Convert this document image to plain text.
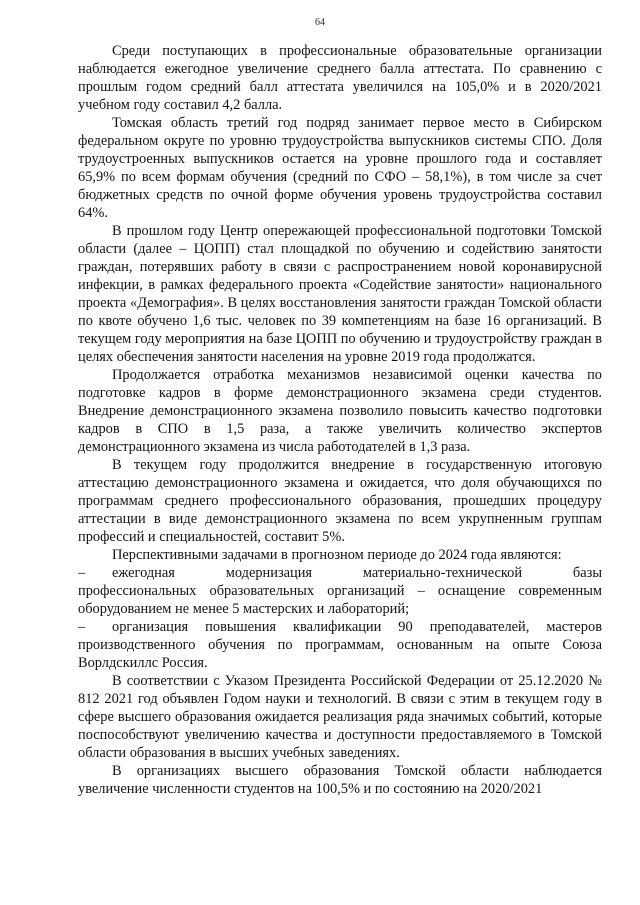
64

Среди поступающих в профессиональные образовательные организации наблюдается ежегодное увеличение среднего балла аттестата. По сравнению с прошлым годом средний балл аттестата увеличился на 105,0% и в 2020/2021 учебном году составил 4,2 балла.

Томская область третий год подряд занимает первое место в Сибирском федеральном округе по уровню трудоустройства выпускников системы СПО. Доля трудоустроенных выпускников остается на уровне прошлого года и составляет 65,9% по всем формам обучения (средний по СФО – 58,1%), в том числе за счет бюджетных средств по очной форме обучения уровень трудоустройства составил 64%.

В прошлом году Центр опережающей профессиональной подготовки Томской области (далее – ЦОПП) стал площадкой по обучению и содействию занятости граждан, потерявших работу в связи с распространением новой коронавирусной инфекции, в рамках федерального проекта «Содействие занятости» национального проекта «Демография». В целях восстановления занятости граждан Томской области по квоте обучено 1,6 тыс. человек по 39 компетенциям на базе 16 организаций. В текущем году мероприятия на базе ЦОПП по обучению и трудоустройству граждан в целях обеспечения занятости населения на уровне 2019 года продолжатся.

Продолжается отработка механизмов независимой оценки качества по подготовке кадров в форме демонстрационного экзамена среди студентов. Внедрение демонстрационного экзамена позволило повысить качество подготовки кадров в СПО в 1,5 раза, а также увеличить количество экспертов демонстрационного экзамена из числа работодателей в 1,3 раза.

В текущем году продолжится внедрение в государственную итоговую аттестацию демонстрационного экзамена и ожидается, что доля обучающихся по программам среднего профессионального образования, прошедших процедуру аттестации в виде демонстрационного экзамена по всем укрупненным группам профессий и специальностей, составит 5%.

Перспективными задачами в прогнозном периоде до 2024 года являются:

– ежегодная модернизация материально-технической базы

профессиональных образовательных организаций – оснащение современным оборудованием не менее 5 мастерских и лабораторий;

– организация повышения квалификации 90 преподавателей, мастеров

производственного обучения по программам, основанным на опыте Союза Ворлдскиллс Россия.

В соответствии с Указом Президента Российской Федерации от 25.12.2020 № 812 2021 год объявлен Годом науки и технологий. В связи с этим в текущем году в сфере высшего образования ожидается реализация ряда значимых событий, которые поспособствуют увеличению качества и доступности предоставляемого в Томской области образования в высших учебных заведениях.

В организациях высшего образования Томской области наблюдается увеличение численности студентов на 100,5% и по состоянию на 2020/2021
